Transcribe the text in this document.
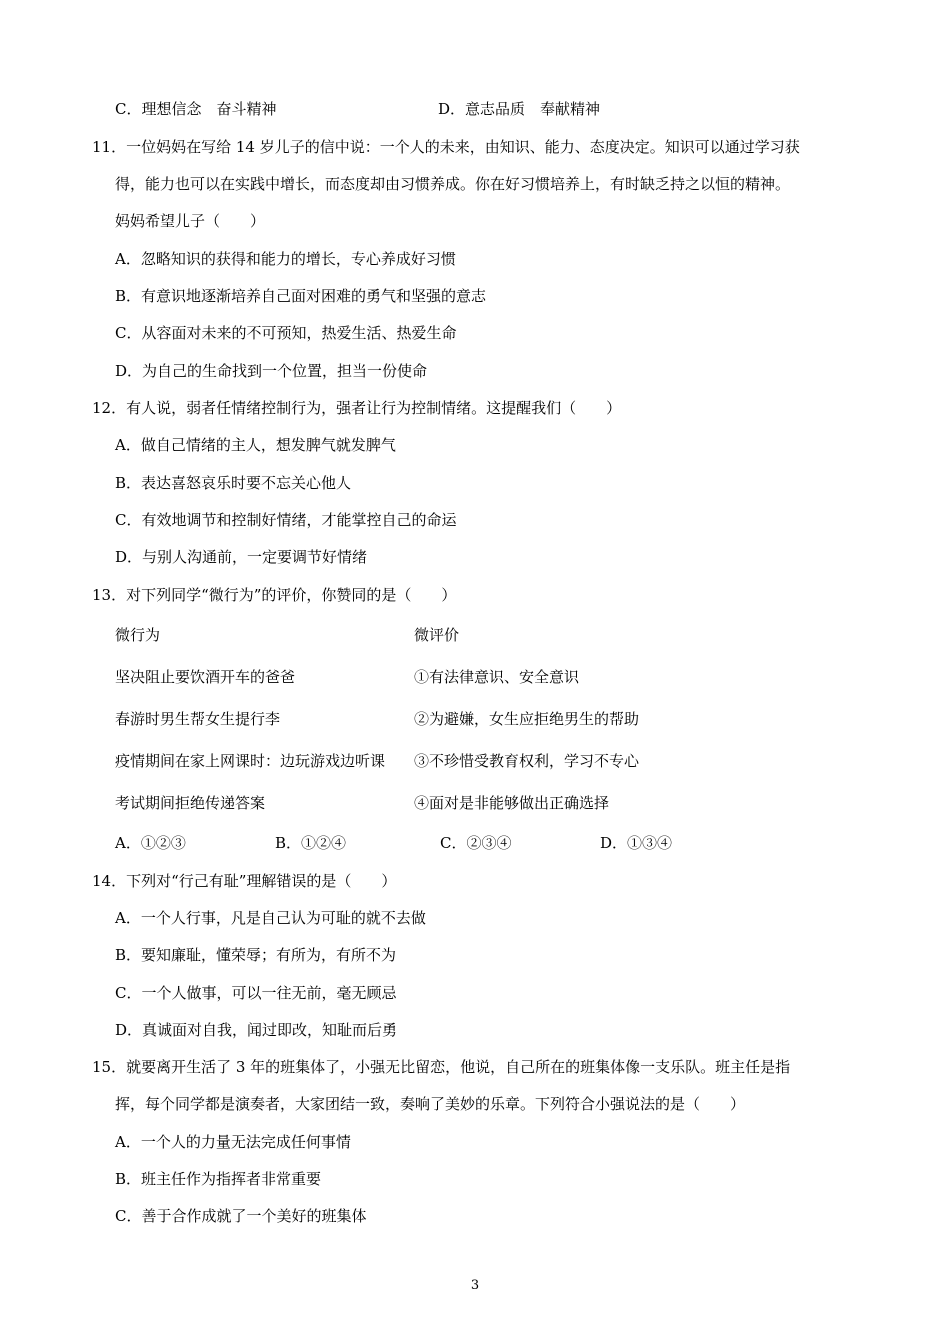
C．理想信念　奋斗精神	D．意志品质　奉献精神
11．一位妈妈在写给 14 岁儿子的信中说：一个人的未来，由知识、能力、态度决定。知识可以通过学习获
得，能力也可以在实践中增长，而态度却由习惯养成。你在好习惯培养上，有时缺乏持之以恒的精神。
妈妈希望儿子（　　）
A．忽略知识的获得和能力的增长，专心养成好习惯
B．有意识地逐渐培养自己面对困难的勇气和坚强的意志
C．从容面对未来的不可预知，热爱生活、热爱生命
D．为自己的生命找到一个位置，担当一份使命
12．有人说，弱者任情绪控制行为，强者让行为控制情绪。这提醒我们（　　）
A．做自己情绪的主人，想发脾气就发脾气
B．表达喜怒哀乐时要不忘关心他人
C．有效地调节和控制好情绪，才能掌控自己的命运
D．与别人沟通前，一定要调节好情绪
13．对下列同学“微行为”的评价，你赞同的是（　　）
微行为	微评价
坚决阻止要饮酒开车的爸爸	①有法律意识、安全意识
春游时男生帮女生提行李	②为避嫌，女生应拒绝男生的帮助
疫情期间在家上网课时：边玩游戏边听课 ③不珍惜受教育权利，学习不专心
考试期间拒绝传递答案	④面对是非能够做出正确选择
A．①②③	B．①②④	C．②③④	D．①③④
14．下列对“行己有耻”理解错误的是（　　）
A．一个人行事，凡是自己认为可耻的就不去做
B．要知廉耻，懂荣辱；有所为，有所不为
C．一个人做事，可以一往无前，毫无顾忌
D．真诚面对自我，闻过即改，知耻而后勇
15．就要离开生活了 3 年的班集体了，小强无比留恋，他说，自己所在的班集体像一支乐队。班主任是指
挥，每个同学都是演奏者，大家团结一致，奏响了美妙的乐章。下列符合小强说法的是（　　）
A．一个人的力量无法完成任何事情
B．班主任作为指挥者非常重要
C．善于合作成就了一个美好的班集体
3
